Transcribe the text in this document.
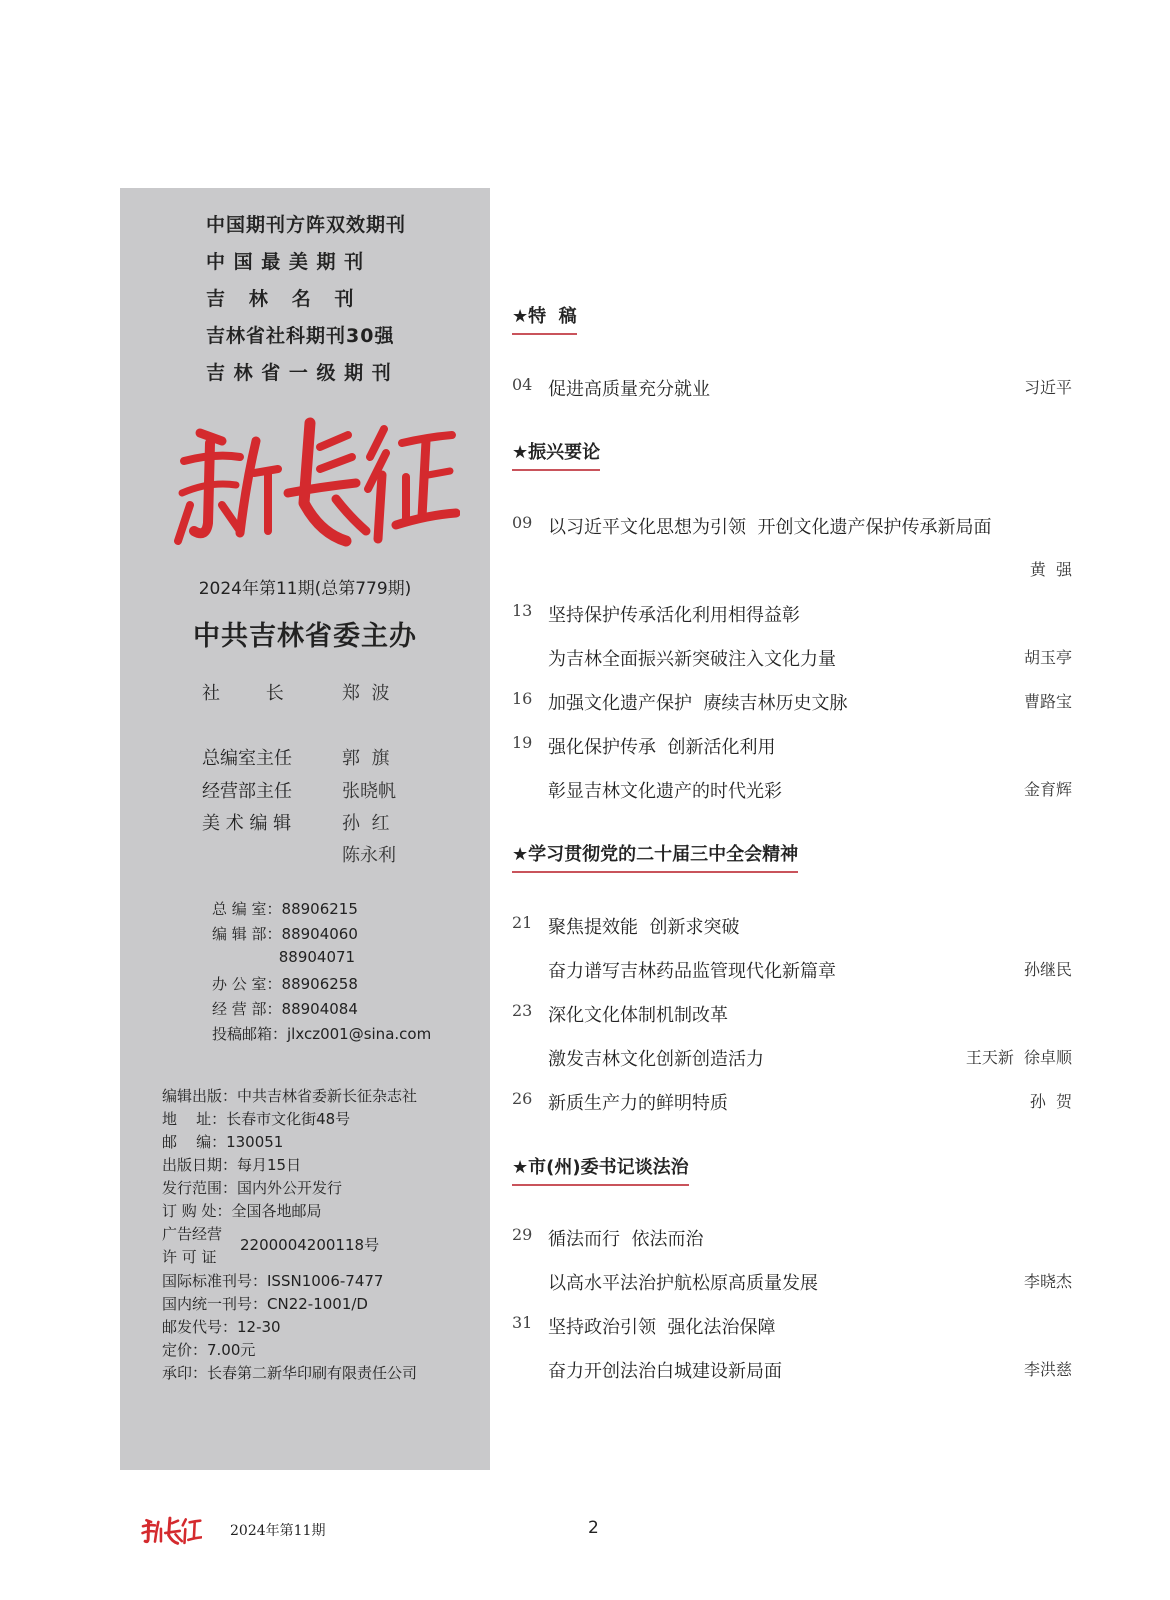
中国期刊方阵双效期刊
中 国 最 美 期 刊
吉   林   名   刊
吉林省社科期刊30强
吉 林 省 一 级 期 刊
2024年第11期(总第779期)
中共吉林省委主办
社        长	郑  波
总编室主任	郭  旗
经营部主任	张晓帆
美 术 编 辑	孙  红
陈永利
总 编 室：88906215
编 辑 部：88904060
88904071
办 公 室：88906258
经 营 部：88904084
投稿邮箱：jlxcz001@sina.com
编辑出版：中共吉林省委新长征杂志社
地    址：长春市文化街48号
邮    编：130051
出版日期：每月15日
发行范围：国内外公开发行
订 购 处：全国各地邮局
广告经营
许 可 证
2200004200118号
国际标准刊号：ISSN1006-7477
国内统一刊号：CN22-1001/D
邮发代号：12-30
定价：7.00元
承印：长春第二新华印刷有限责任公司
★特  稿
04 促进高质量充分就业	习近平
★振兴要论
09 以习近平文化思想为引领  开创文化遗产保护传承新局面
黄  强
13 坚持保护传承活化利用相得益彰
为吉林全面振兴新突破注入文化力量	胡玉亭
16 加强文化遗产保护  赓续吉林历史文脉	曹路宝
19 强化保护传承  创新活化利用
彰显吉林文化遗产的时代光彩	金育辉
★学习贯彻党的二十届三中全会精神
21 聚焦提效能  创新求突破
奋力谱写吉林药品监管现代化新篇章	孙继民
23 深化文化体制机制改革
激发吉林文化创新创造活力	王天新  徐卓顺
26 新质生产力的鲜明特质	孙  贺
★市(州)委书记谈法治
29 循法而行  依法而治
以高水平法治护航松原高质量发展	李晓杰
31 坚持政治引领  强化法治保障
奋力开创法治白城建设新局面	李洪慈
2024年第11期	2
